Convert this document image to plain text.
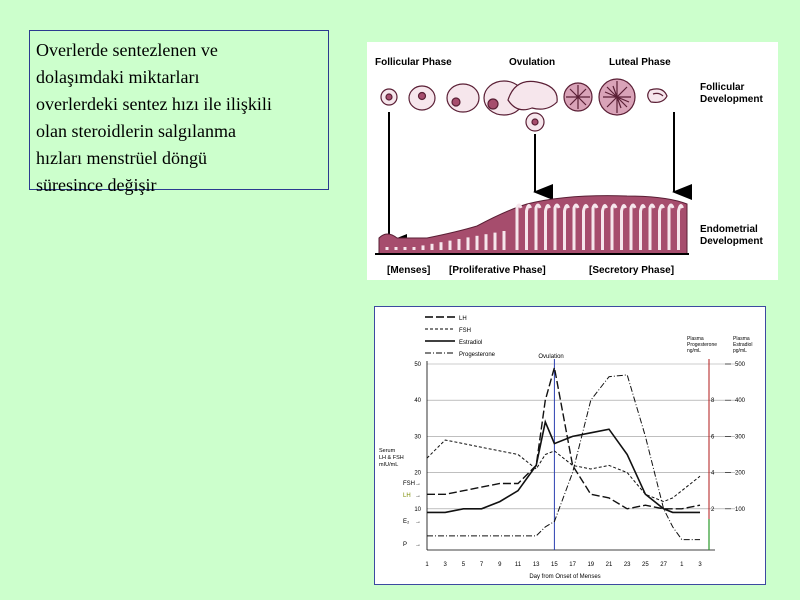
Overlerde sentezlenen ve

dolaşımdaki miktarları

overlerdeki sentez hızı ile ilişkili

olan steroidlerin salgılanma

hızları menstrüel döngü

süresince değişir

Follicular Phase	Ovulation	Luteal Phase
Follicular
Development
Endometrial
Development
[Menses] [Proliferative Phase]	[Secretory Phase]
LH
FSH
Estradiol
Progesterone
50
40
30
20
10
Serum
LH & FSH
mIU/mL
FSH →
LH →
E₂ →
P →
Ovulation
Plasma
Progesterone
ng/mL
8
6
4
2
Plasma
Estradiol
pg/mL
500
400
300
200
100
1 3 5 7 9 11 13 15 17 19 21 23 25 27 1 3
Day from Onset of Menses
